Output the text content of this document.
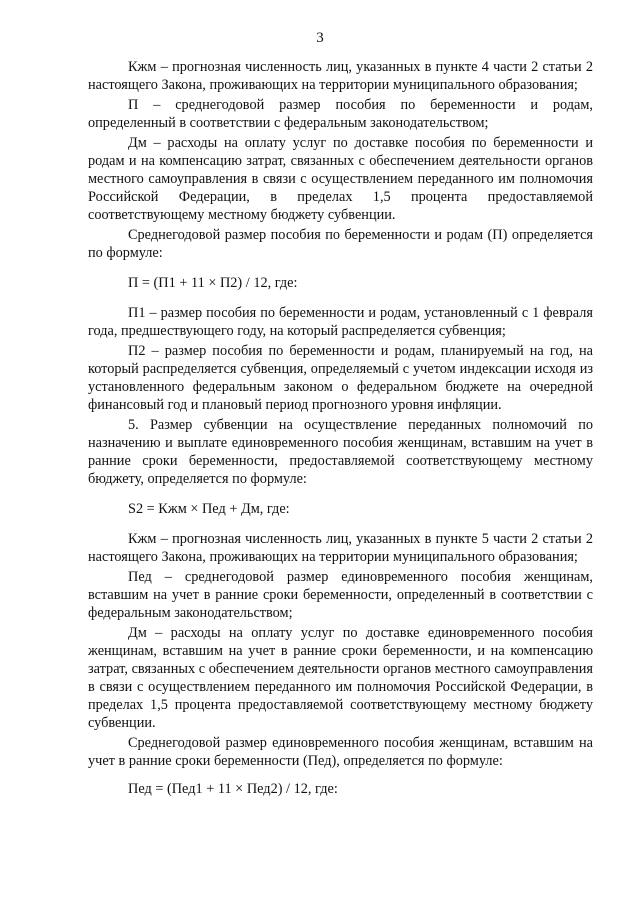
3

Кжм – прогнозная численность лиц, указанных в пункте 4 части 2 статьи 2 настоящего Закона, проживающих на территории муниципального образования;

П – среднегодовой размер пособия по беременности и родам, определенный в соответствии с федеральным законодательством;

Дм – расходы на оплату услуг по доставке пособия по беременности и родам и на компенсацию затрат, связанных с обеспечением деятельности органов местного самоуправления в связи с осуществлением переданного им полномочия Российской Федерации, в пределах 1,5 процента предоставляемой соответствующему местному бюджету субвенции.

Среднегодовой размер пособия по беременности и родам (П) определяется по формуле:

П = (П1 + 11 × П2) / 12, где:

П1 – размер пособия по беременности и родам, установленный с 1 февраля года, предшествующего году, на который распределяется субвенция;

П2 – размер пособия по беременности и родам, планируемый на год, на который распределяется субвенция, определяемый с учетом индексации исходя из установленного федеральным законом о федеральном бюджете на очередной финансовый год и плановый период прогнозного уровня инфляции.

5. Размер субвенции на осуществление переданных полномочий по назначению и выплате единовременного пособия женщинам, вставшим на учет в ранние сроки беременности, предоставляемой соответствующему местному бюджету, определяется по формуле:

S2 = Кжм × Пед + Дм, где:

Кжм – прогнозная численность лиц, указанных в пункте 5 части 2 статьи 2 настоящего Закона, проживающих на территории муниципального образования;

Пед – среднегодовой размер единовременного пособия женщинам, вставшим на учет в ранние сроки беременности, определенный в соответствии с федеральным законодательством;

Дм – расходы на оплату услуг по доставке единовременного пособия женщинам, вставшим на учет в ранние сроки беременности, и на компенсацию затрат, связанных с обеспечением деятельности органов местного самоуправления в связи с осуществлением переданного им полномочия Российской Федерации, в пределах 1,5 процента предоставляемой соответствующему местному бюджету субвенции.

Среднегодовой размер единовременного пособия женщинам, вставшим на учет в ранние сроки беременности (Пед), определяется по формуле:

Пед = (Пед1 + 11 × Пед2) / 12, где:
